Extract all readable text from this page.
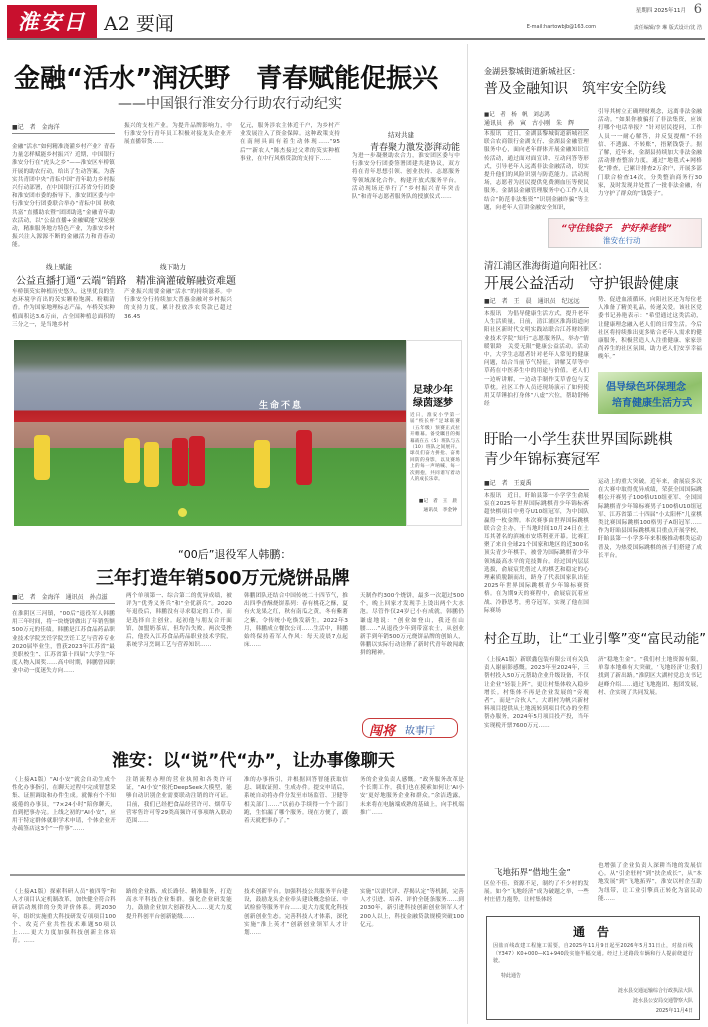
淮安日报
A2 要闻
星期四 2025年11月 6
E-mail:hartowbjb@163.com	责任编辑/李 琳 版式设计/沈 浩
金融“活水”润沃野　青春赋能促振兴
——中国银行淮安分行助农行动纪实
■记　者　金海洋
金融“活水”如何精准浇灌乡村产业？青春力量怎样赋能乡村振兴？近期，中国银行淮安分行在“虎头之乡”——淮安区车桥镇开展的助农行动，给出了生动答案。为落实共青团中央“青耘中国”青年助力乡村振兴行动部署，在中国银行江苏省分行团委和淮安团市委的指导下，淮安团区委与中行淮安分行团委联合举办“青耘中国 秋收共富”直播助农暨“团团助选”金融青年助农活动，以“公益直播+金融赋能”双轮驱动，精准服务地方特色产业，为淮安乡村振兴注入源源不断的金融活力和青春动能。
振兴的支柱产业。为提升品牌影响力，中行淮安分行青年员工积极对接龙头企业开展直播带货……
线上赋能
公益直播打通“云端”销路
车桥镇芡实种植历史悠久。这里优良的生态环境孕育出的芡实颗粒饱满、粉糯清香。作为国家地理标志产品，车桥芡实种植面积达3.6万亩，占全国种植总面积的三分之一，是当地乡村
线下助力
精准滴灌破解融资难题
产业振兴需要金融“活水”的持续滋养。中行淮安分行持续加大普惠金融对乡村振兴的支持力度，累计投放涉农贷款已超过36.45
亿元，服务涉农主体近千户，为乡村产业发展注入了资金保障。这种政策支持在南闸具面有着生动体现……“95后”“新农人”陈杰接过父辈的芡实种植事业，在中行风格贷款的支持下……
结对共建
青春聚力激发澎湃动能
为进一步凝聚助农合力，淮安团区委与中行淮安分行团委签署团建共建协议，双方将在青年思想引领、创业扶持、志愿服务等领域深化合作，构建开放式服务平台。活动现场还举行了“乡村振兴青年突击队”和青年志愿者服务队的授旗仪式……
生命不息
足球少年
绿茵逐梦
近日，淮安小学第一届“校长杯”足球联赛（五年级）预赛正式拉开帷幕。备受瞩目的揭幕战在五（5）班队与五（10）班队之间展开。球员们奋力拼抢、奋勇回防的身影，以及赛场上的每一声呐喊、每一次拥抱，共同谱写着动人的成长乐章。
■记　者　王　晨
通讯员　李金钟
“00后”退役军人韩鹏：
三年打造年销500万元烧饼品牌
■记　者　金海洋　通讯员　孙点滋
在淮阴区三河镇，“00后”退役军人韩鹏用三年时间，将一块烧饼做出了年销售额500万元的佳绩。韩鹏是江苏食品药品职业技术学院烹饪学院烹饪工艺与营养专业2020届毕业生，曾获2023年江苏省“最美职校生”、江苏省第十四届“大学生”年度人物入围奖……高中时期，韩鹏曾因职业中动一度迷失方向……
两个单项第一、综合第二的优异成绩，被评为“优秀义务兵”和“全优新兵”。2020年退役后，韩鹏没有寻求稳定的工作，而是选择自主创业。起初他与朋友合开面馆，加盟奶茶店，但均告失败。两次受挫后，他投入江苏食品药品职业技术学院，系统学习烹调工艺与营养知识……
韩鹏团队还结合中国传统二十四节气，推出四季香酥烧饼系列：春有桃花之酥，夏有火龙果之红，秋有南瓜之黄，冬有紫薯之紫，令传统小吃焕发新生。2022年3月，韩鹏成立餐饮公司……生活中，韩鹏始终保持着军人作风：每天凌晨7点起床……
天制作约300个烧饼，最多一次超过500个，晚上回家才发现手上烫出两个大水泡。尽管作仅24岁已小有成就，韩鹏仍谦虚地说：“创业如登山，我还在山腰……”从退役少年到带富农士，从创业新手到年销500万元烧饼品牌的创始人，韩鹏以实际行动诠释了新时代青年敢闯敢拼的精神。
闯将 故事厅
淮安：以“说”代“办”，让办事像聊天
（上接A1版）“AI小安”就会自动生成个性化办事指引，在聊天过程中完成智慧采集、证照调取和办件生成。就像有个不知疲倦的办事员，“7×24小时”陪你聊天，直到把事办完。上线之初的“AI小安”，应用于特定群体就职学术申请，个体企业开办疏签店这3个“一件事”……
注销流程办理的营业执照和各类许可证，“AI小安”依托DeepSeek大模型，能够自动识别企业需要联动注销的许可证。目前，我们已经把食品经营许可、烟草专营零售许可等29类高频许可事项纳入联动范围……
准的办事指引，并根据回答智能获取信息、调取证照、生成办件。提交申请后，系统自动将办件分发至市场监管、卫健等相关部门……“以前办手续得一个个部门跑，生怕漏了哪个服务。现在方便了，跟着天就把事办了。”
务的企业负责人感慨。“政务服务改革是个长期工作，我们也在摸索如何让‘AI小安’更好地服务企业和群众。”余洁透露，未来将在电脑端成熟的基础上，向手机端推广……
（上接A1版）探索科研人员“被四等”和人才项目认定机制改革，加快健全符合科研活动规律的分类评价体系。到2030年，组织实施重大科技研发专项项目100个、攻克产业共性技术难题50项以上……更大力度加强科技创新主体培育。……
路的企业路、成长路径、精准服务，打造高水平科技企业集群。强化企业研发能力，鼓励企业加大创新投入……更大力度提升科创平台创新能级……
技术创新平台。加强科技公共服务平台建设，鼓励龙头企业牵头建设概念验证、中试检验等服务平台……更大力度优化科技创新创业生态。完善科技人才体系，深化实施“淮上英才”创新创业领军人才计划……
实施“以需代评、荐揭认定”等机制，完善人才引进、培养、评价全链条服务……到2030年，新引进科技创新创业领军人才200人以上，科技金融贷款规模突破100亿元。
金湖县黎城街道新城社区：
普及金融知识　筑牢安全防线
■记　者　杨　帆　刘志鸿
通讯员　孙　寅　古小刚　朱　辉
本报讯　近日，金湖县黎城街道新城社区联合农商银行金湖支行、金湖县金融管理服务中心，面向老年群体开展金融知识宣传活动，通过面对面宣讲、互动问答等形式，引导老年人远离非法金融活动，切实提升他们的风险识别与防范能力。活动现场，志愿者为居民提供免费测血压等便民服务。金湖县金融管理服务中心工作人员结合“防范非法集资”“识别金融诈骗”等主题，向老年人宣讲金融安全知识，
引导其树立正确理财观念，远离非法金融活动。“如果你被骗打了非法集资，应该打哪个电话举报？”针对居民提问，工作人员一一耐心解答，并反复提醒“不轻信、不透露、不转账”，捂紧钱袋子。据了解，近年来，金湖县持续加大非法金融活动排查整治力度，通过“地毯式+网格化”排查，已累计排查2万余户，开展多部门联合检查14次，分类整治商务行30家，及时发现并处置了一批非法金融，有力守护了群众的“钱袋子”。
“守住钱袋子　护好养老钱”
淮安在行动
清江浦区淮海街道向阳社区：
开展公益活动　守护银龄健康
■记　者　王　晨　通讯员　纪远远
本报讯　为倡导健康生活方式，提升老年人生活质量，日前，清江浦区淮海街道向阳社区新时代文明实践站联合江苏财经职业技术学院“知行”志愿服务队，举办“情暖银龄　关爱无限”健康公益活动。活动中，大学生志愿者针对老年人常见的健康问题，结合当前节气特征，讲解艾草等中草药在中医养生中的用途与价值。老人们一边听讲解，一边动手制作艾草香包与艾草枕。社区工作人员还现场演示了如何使用艾草锤拍打身体“八虚”穴位，帮助舒畅经
势、促进血液循环。向阳社区还为每位老人准备了精美礼品，传递关爱。该社区党委书记孙艳表示：“希望通过这类活动，让健康理念融入老人们的日常生活。今后社区将持续推出更多贴合老年人需求的健康服务，积极营造人人注重健康、家家崇尚养生的社区氛围，助力老人们安享幸福晚年。”
倡导绿色环保理念
培育健康生活方式
盱眙一小学生获世界国际跳棋
青少年锦标赛冠军
■记　者　王夏禹
本报讯　近日，盱眙县第一小学学生俞展宸在2025年世界国际跳棋青少年锦标赛超快棋项目中勇夺U10组冠军，为中国队赢得一枚金牌。本次赛事由世界国际跳棋联合会主办，于当地时间10月24日在土耳其著名的滨城市安塔利亚开幕。比赛汇聚了来自全球21个国家和地区的近300名顶尖青少年棋手，被誉为国际跳棋青少年领域最高水平的竞技舞台。经过国内层层选拔，俞展宸凭借过人的棋艺和稳定的心理素质脱颖而出，跻身了代表国家队出征2025年世界国际跳棋青少年锦标赛资格。在为期9天的赛程中，俞展宸沉着应战、冷静思考，勇夺冠军，实现了他在国际赛场
运动上的重大突破。近年来，俞展宸多次在大赛中取得优异成绩，荣获全国国际跳棋公开赛男子100格U10组亚军、全国国际跳棋青少年锦标赛男子100格U10组冠军、江苏省第二十四届“小太阳杯”儿童棋类比赛国际跳棋100格男子A组冠军……作为盱眙县国际跳棋项目重点开展学校，盱眙县第一小学多年来积极推动棋类运动普及，为热爱国际跳棋的孩子们搭建了成长平台。
村企互助，让“工业引擎”变“富民动能”
（上接A1版）新联鑫包装有限公司有关负责人谢丽影感慨。2023年至2024年，三帮村投入50万元帮助企业升级设备，不仅让企业“轻装上阵”，更让村集体收入稳步增长。村集体不再是企业发展的“旁观者”，而是“合伙人”。大胡村为帆兴新材料项目提供从土地流转到项目代办的全程帮办服务，2024年5月项目投产投，当年实现税开票7600万元……
济“稳地生金”。“我们村土地资源有限，单靠本地难有大突破，‘飞地经济’让我们找到了新出路。”淮阴区大湖村党总支书记赵峰介绍……通过飞地抱团、抱团发展，村、企实现了共同发展。
飞地拓界“借地生金”
区位不佳、资源不足，制约了不少村的发展。如今“飞地经济”成为破题之举，一些村庄借力抱势，让村集体经
也增强了企业负责人深耕当地的发展信心。从“引企驻村”到“扶企成长”，从“本地发展”到“飞地拓界”，淮安以村企互助为纽带，让工业引擎真正转化为富民动能……
通　告
因盐百线改建工程施工需要，自2025年11月9日起至2026年5月31日止，对盐百线（Y347）K0+000—K1+940段实施半幅交通。经过上述路段车辆和行人提前绕道行驶。
特此通告
涟水县交通运输综合行政执法大队
涟水县公安局交通警察大队
2025年11月4日
